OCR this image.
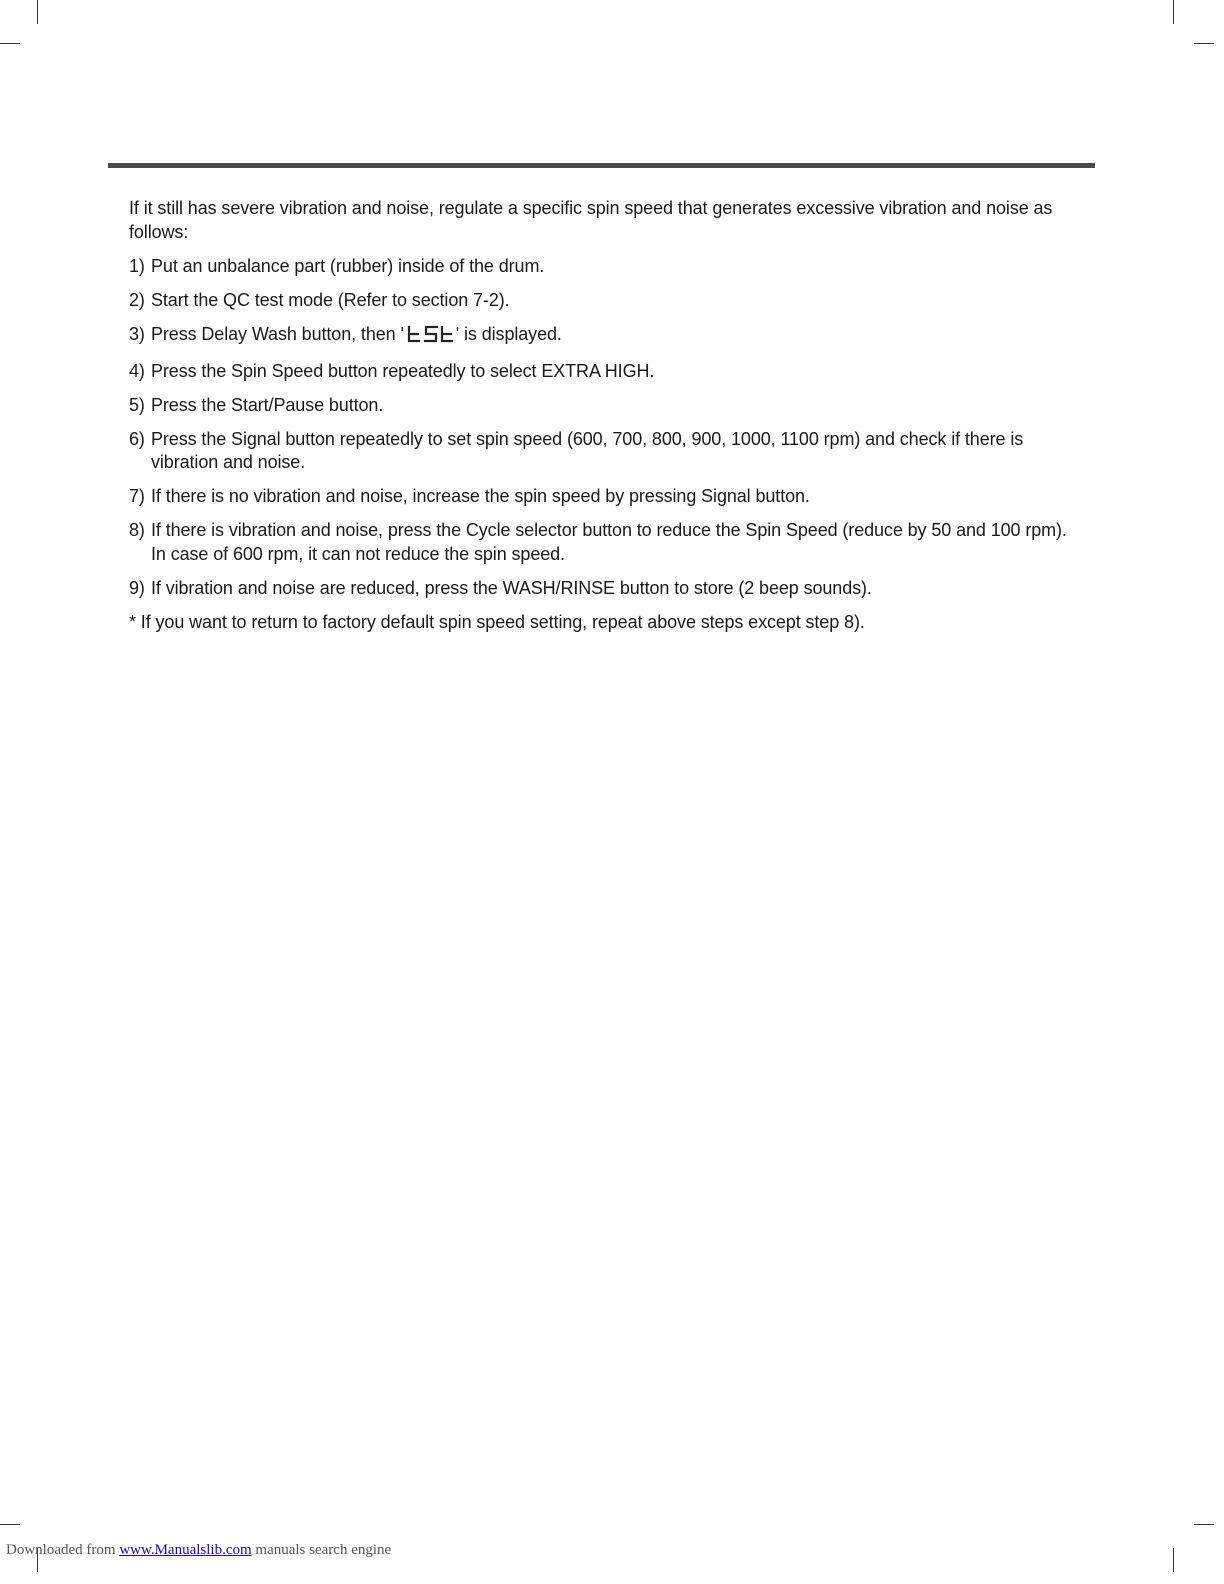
If it still has severe vibration and noise, regulate a specific spin speed that generates excessive vibration and noise as follows:

1) Put an unbalance part (rubber) inside of the drum.
2) Start the QC test mode (Refer to section 7-2).
3) Press Delay Wash button, then '	' is displayed.
4) Press the Spin Speed button repeatedly to select EXTRA HIGH.
5) Press the Start/Pause button.
6) Press the Signal button repeatedly to set spin speed (600, 700, 800, 900, 1000, 1100 rpm) and check if there is vibration and noise.
7) If there is no vibration and noise, increase the spin speed by pressing Signal button.
8) If there is vibration and noise, press the Cycle selector button to reduce the Spin Speed (reduce by 50 and 100 rpm). In case of 600 rpm, it can not reduce the spin speed.
9) If vibration and noise are reduced, press the WASH/RINSE button to store (2 beep sounds).

* If you want to return to factory default spin speed setting, repeat above steps except step 8).

Downloaded from www.Manualslib.com manuals search engine
